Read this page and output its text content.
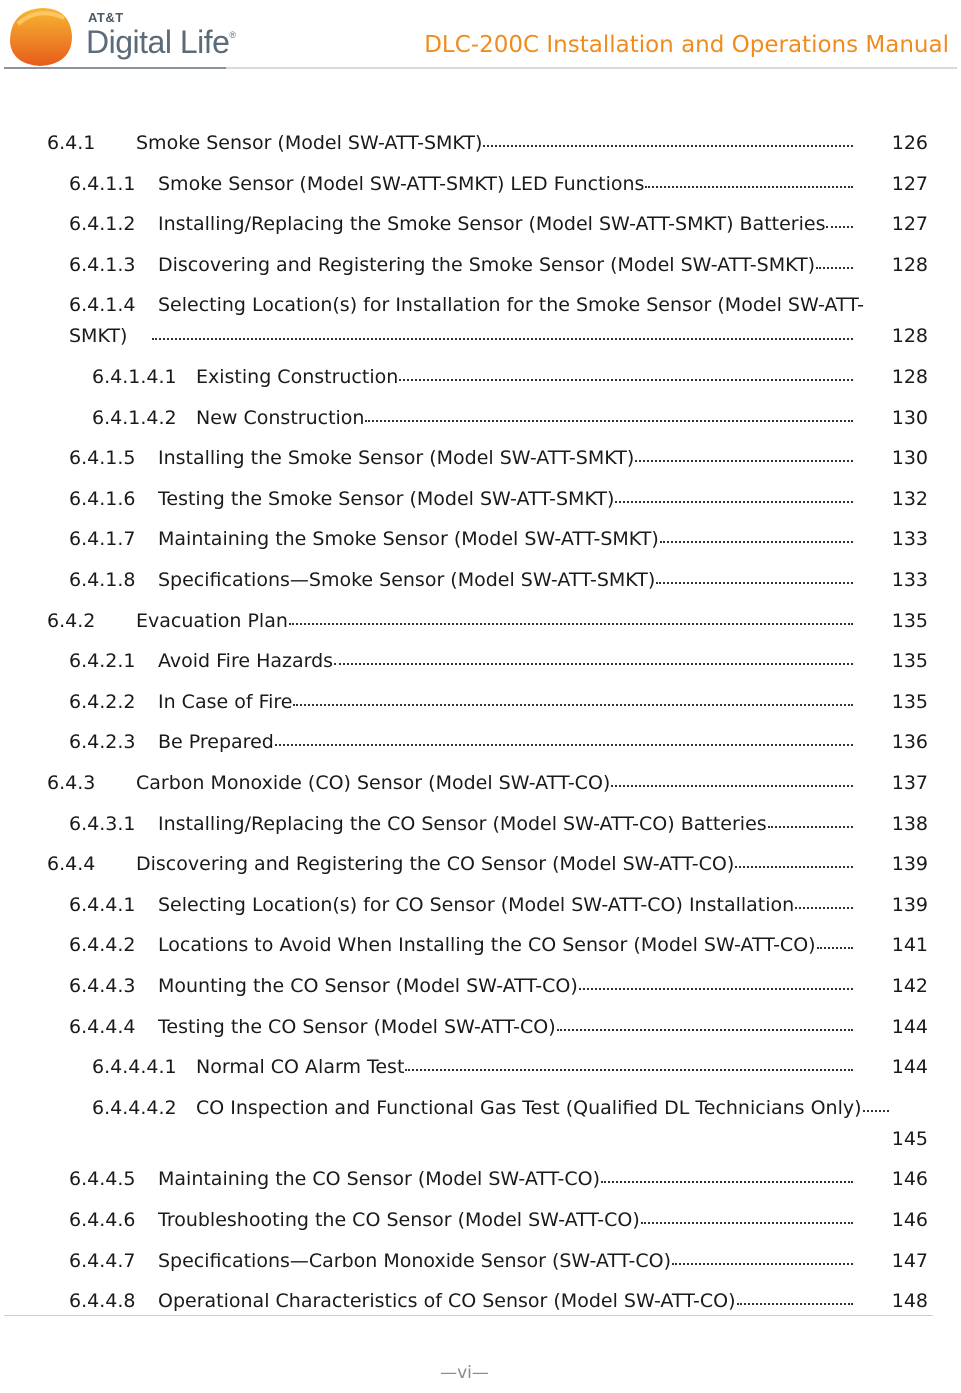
AT&T
Digital Life®	DLC-200C Installation and Operations Manual
6.4.1 Smoke Sensor (Model SW-ATT-SMKT)	126
6.4.1.1 Smoke Sensor (Model SW-ATT-SMKT) LED Functions	127
6.4.1.2 Installing/Replacing the Smoke Sensor (Model SW-ATT-SMKT) Batteries	127
6.4.1.3 Discovering and Registering the Smoke Sensor (Model SW-ATT-SMKT)	128
6.4.1.4 Selecting Location(s) for Installation for the Smoke Sensor (Model SW-ATT-
SMKT)	128
6.4.1.4.1 Existing Construction	128
6.4.1.4.2 New Construction	130
6.4.1.5 Installing the Smoke Sensor (Model SW-ATT-SMKT)	130
6.4.1.6 Testing the Smoke Sensor (Model SW-ATT-SMKT)	132
6.4.1.7 Maintaining the Smoke Sensor (Model SW-ATT-SMKT)	133
6.4.1.8 Specifications—Smoke Sensor (Model SW-ATT-SMKT)	133
6.4.2 Evacuation Plan	135
6.4.2.1 Avoid Fire Hazards	135
6.4.2.2 In Case of Fire	135
6.4.2.3 Be Prepared	136
6.4.3 Carbon Monoxide (CO) Sensor (Model SW-ATT-CO)	137
6.4.3.1 Installing/Replacing the CO Sensor (Model SW-ATT-CO) Batteries	138
6.4.4 Discovering and Registering the CO Sensor (Model SW-ATT-CO)	139
6.4.4.1 Selecting Location(s) for CO Sensor (Model SW-ATT-CO) Installation	139
6.4.4.2 Locations to Avoid When Installing the CO Sensor (Model SW-ATT-CO)	141
6.4.4.3 Mounting the CO Sensor (Model SW-ATT-CO)	142
6.4.4.4 Testing the CO Sensor (Model SW-ATT-CO)	144
6.4.4.4.1 Normal CO Alarm Test	144
6.4.4.4.2 CO Inspection and Functional Gas Test (Qualified DL Technicians Only)
145
6.4.4.5 Maintaining the CO Sensor (Model SW-ATT-CO)	146
6.4.4.6 Troubleshooting the CO Sensor (Model SW-ATT-CO)	146
6.4.4.7 Specifications—Carbon Monoxide Sensor (SW-ATT-CO)	147
6.4.4.8 Operational Characteristics of CO Sensor (Model SW-ATT-CO)	148
—vi—
